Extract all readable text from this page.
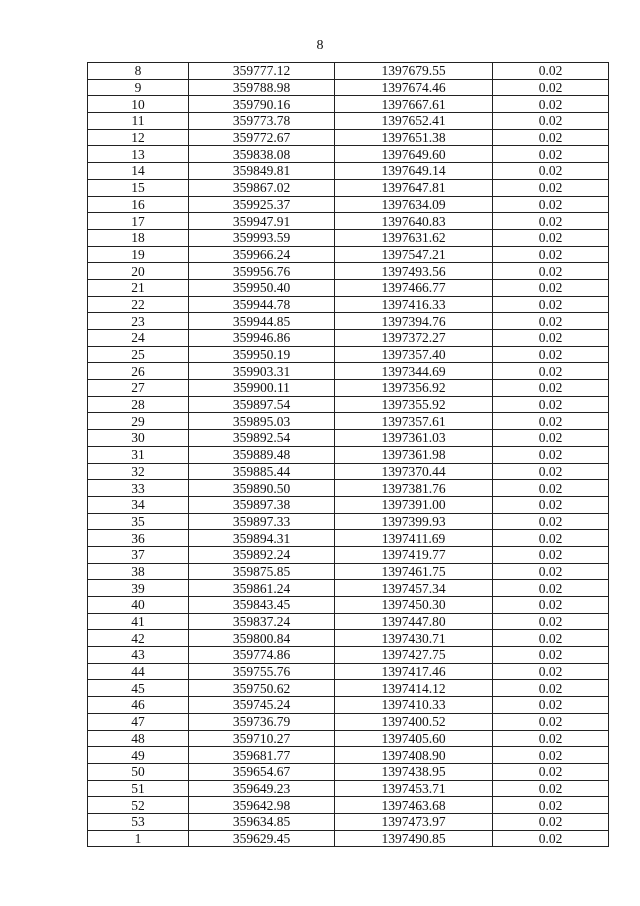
8
8	359777.12	1397679.55	0.02
9	359788.98	1397674.46	0.02
10	359790.16	1397667.61	0.02
11	359773.78	1397652.41	0.02
12	359772.67	1397651.38	0.02
13	359838.08	1397649.60	0.02
14	359849.81	1397649.14	0.02
15	359867.02	1397647.81	0.02
16	359925.37	1397634.09	0.02
17	359947.91	1397640.83	0.02
18	359993.59	1397631.62	0.02
19	359966.24	1397547.21	0.02
20	359956.76	1397493.56	0.02
21	359950.40	1397466.77	0.02
22	359944.78	1397416.33	0.02
23	359944.85	1397394.76	0.02
24	359946.86	1397372.27	0.02
25	359950.19	1397357.40	0.02
26	359903.31	1397344.69	0.02
27	359900.11	1397356.92	0.02
28	359897.54	1397355.92	0.02
29	359895.03	1397357.61	0.02
30	359892.54	1397361.03	0.02
31	359889.48	1397361.98	0.02
32	359885.44	1397370.44	0.02
33	359890.50	1397381.76	0.02
34	359897.38	1397391.00	0.02
35	359897.33	1397399.93	0.02
36	359894.31	1397411.69	0.02
37	359892.24	1397419.77	0.02
38	359875.85	1397461.75	0.02
39	359861.24	1397457.34	0.02
40	359843.45	1397450.30	0.02
41	359837.24	1397447.80	0.02
42	359800.84	1397430.71	0.02
43	359774.86	1397427.75	0.02
44	359755.76	1397417.46	0.02
45	359750.62	1397414.12	0.02
46	359745.24	1397410.33	0.02
47	359736.79	1397400.52	0.02
48	359710.27	1397405.60	0.02
49	359681.77	1397408.90	0.02
50	359654.67	1397438.95	0.02
51	359649.23	1397453.71	0.02
52	359642.98	1397463.68	0.02
53	359634.85	1397473.97	0.02
1	359629.45	1397490.85	0.02
